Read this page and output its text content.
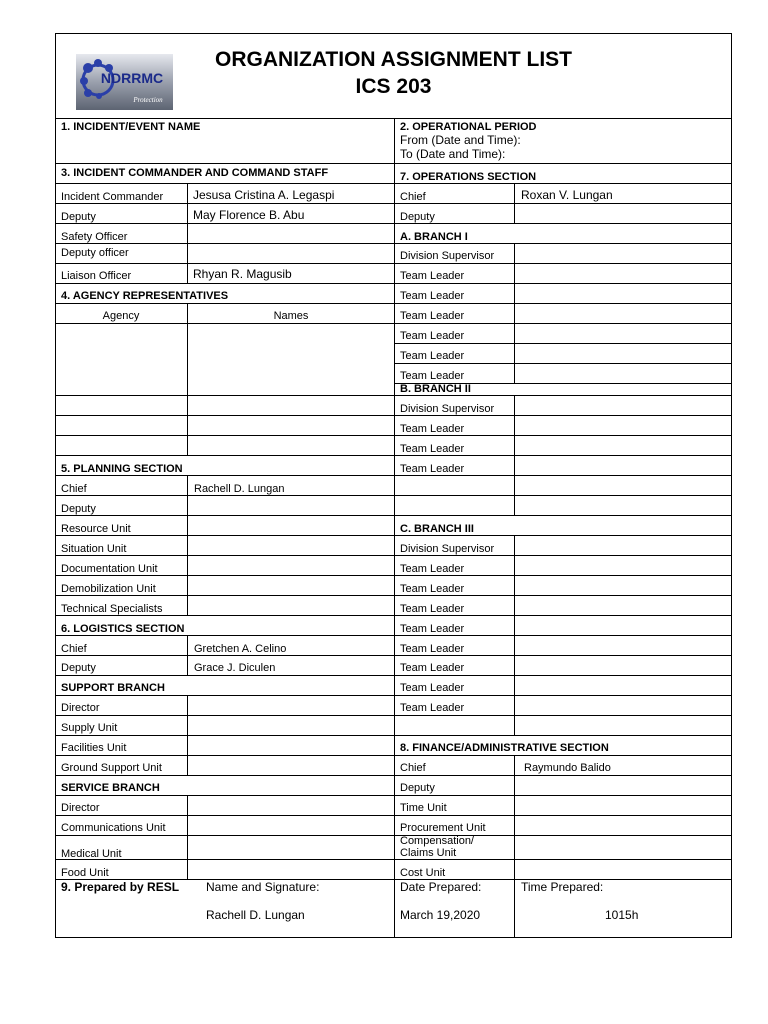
NDRRMC
Protection
ORGANIZATION ASSIGNMENT LIST
ICS 203
1. INCIDENT/EVENT NAME	2. OPERATIONAL PERIOD
From (Date and Time):
To (Date and Time):
3. INCIDENT COMMANDER AND COMMAND STAFF
Incident Commander Jesusa Cristina A. Legaspi
Deputy	May Florence B. Abu
Safety Officer
Deputy officer
Liaison Officer	Rhyan R. Magusib
4. AGENCY REPRESENTATIVES
Agency	Names
5. PLANNING SECTION
Chief	Rachell D. Lungan
Deputy
Resource Unit
Situation Unit
Documentation Unit
Demobilization Unit
Technical Specialists
6. LOGISTICS SECTION
Chief	Gretchen A. Celino
Deputy	Grace J. Diculen
SUPPORT BRANCH
Director
Supply Unit
Facilities Unit
Ground Support Unit
SERVICE BRANCH
Director
Communications Unit
Medical Unit
Food Unit
7. OPERATIONS SECTION
Chief	Roxan V. Lungan
Deputy
A. BRANCH I
Division Supervisor
Team Leader
Team Leader
Team Leader
Team Leader
Team Leader
Team Leader
B. BRANCH II
Division Supervisor
Team Leader
Team Leader
Team Leader
C. BRANCH III
Division Supervisor
Team Leader
Team Leader
Team Leader
Team Leader
Team Leader
Team Leader
Team Leader
Team Leader
8. FINANCE/ADMINISTRATIVE SECTION
Chief	Raymundo Balido
Deputy
Time Unit
Procurement Unit
Compensation/
Claims Unit
Cost Unit
9. Prepared by RESL Name and Signature:
Rachell D. Lungan
Date Prepared:
March 19,2020
Time Prepared:
1015h
